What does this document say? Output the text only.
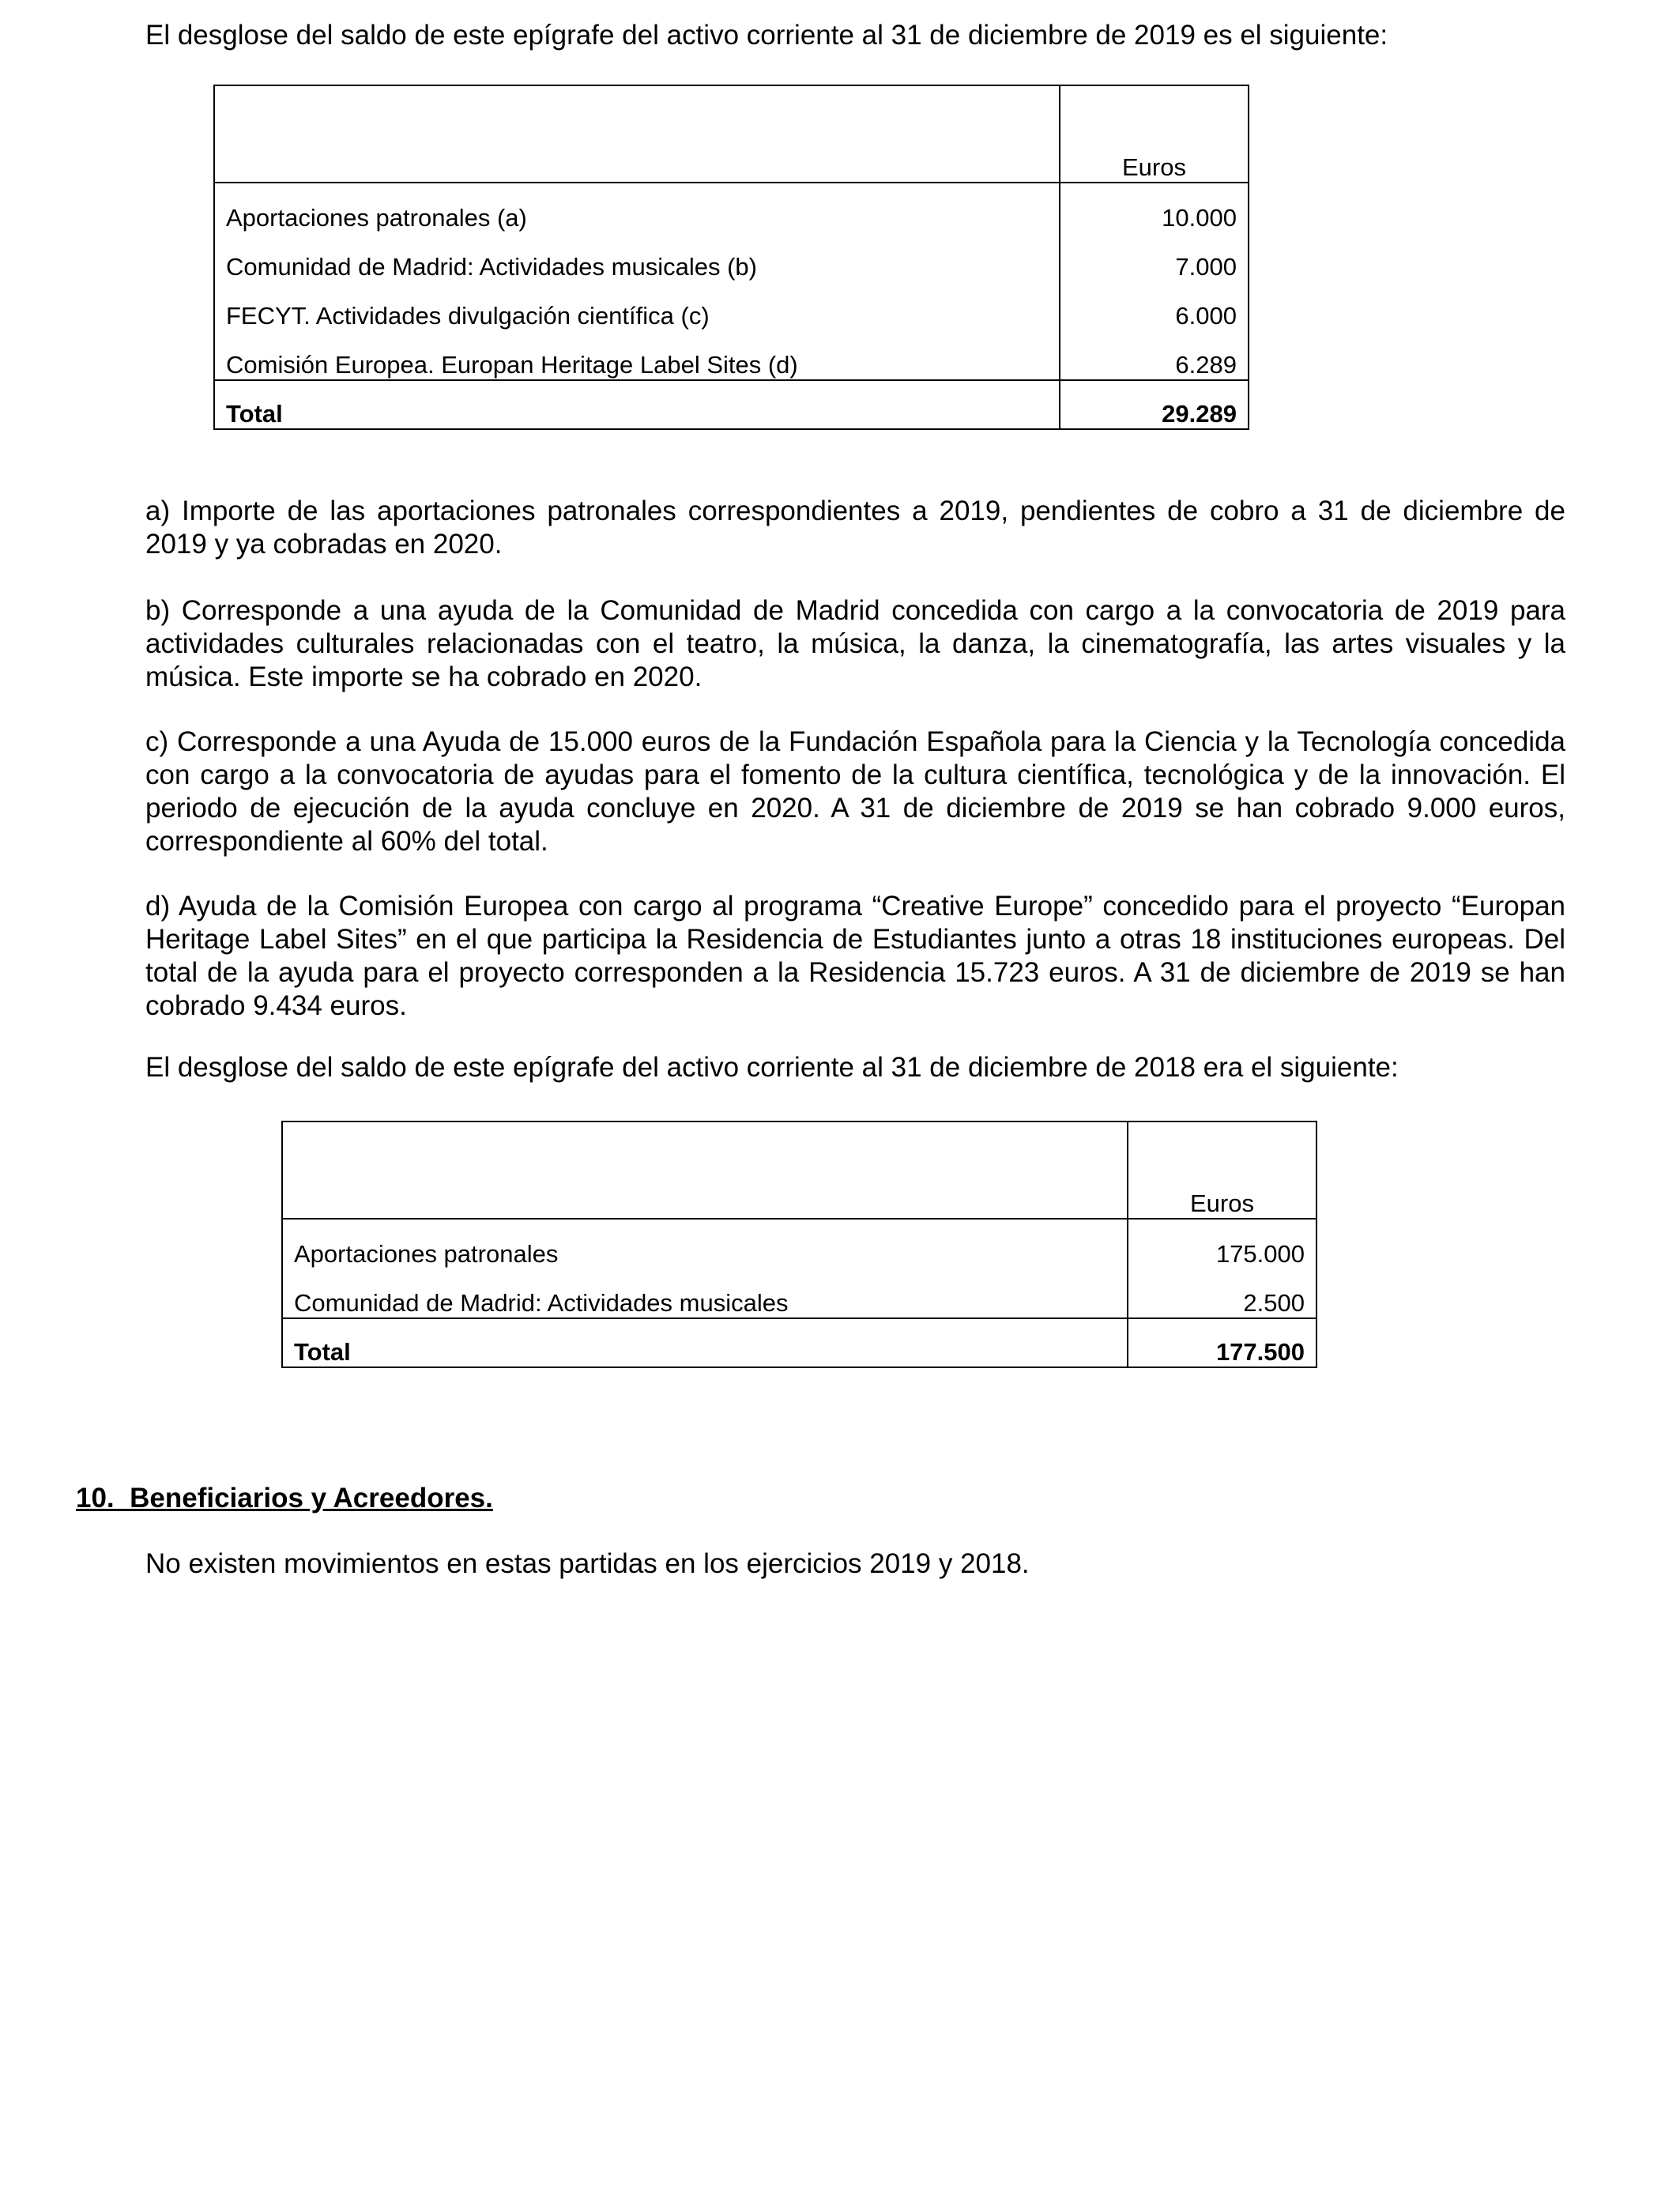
El desglose del saldo de este epígrafe del activo corriente al 31 de diciembre de 2019 es el siguiente:

	Euros
Aportaciones patronales (a)	10.000
Comunidad de Madrid: Actividades musicales (b)	7.000
FECYT. Actividades divulgación científica (c)	6.000
Comisión Europea. Europan Heritage Label Sites (d)	6.289
Total	29.289

a) Importe de las aportaciones patronales correspondientes a 2019, pendientes de cobro a 31 de diciembre de 2019 y ya cobradas en 2020.

b) Corresponde a una ayuda de la Comunidad de Madrid concedida con cargo a la convocatoria de 2019 para actividades culturales relacionadas con el teatro, la música, la danza, la cinematografía, las artes visuales y la música. Este importe se ha cobrado en 2020.

c) Corresponde a una Ayuda de 15.000 euros de la Fundación Española para la Ciencia y la Tecnología concedida con cargo a la convocatoria de ayudas para el fomento de la cultura científica, tecnológica y de la innovación. El periodo de ejecución de la ayuda concluye en 2020. A 31 de diciembre de 2019 se han cobrado 9.000 euros, correspondiente al 60% del total.

d) Ayuda de la Comisión Europea con cargo al programa “Creative Europe” concedido para el proyecto “Europan Heritage Label Sites” en el que participa la Residencia de Estudiantes junto a otras 18 instituciones europeas. Del total de la ayuda para el proyecto corresponden a la Residencia 15.723 euros. A 31 de diciembre de 2019 se han cobrado 9.434 euros.

El desglose del saldo de este epígrafe del activo corriente al 31 de diciembre de 2018 era el siguiente:

	Euros
Aportaciones patronales	175.000
Comunidad de Madrid: Actividades musicales	2.500
Total	177.500
10.  Beneficiarios y Acreedores.

No existen movimientos en estas partidas en los ejercicios 2019 y 2018.
